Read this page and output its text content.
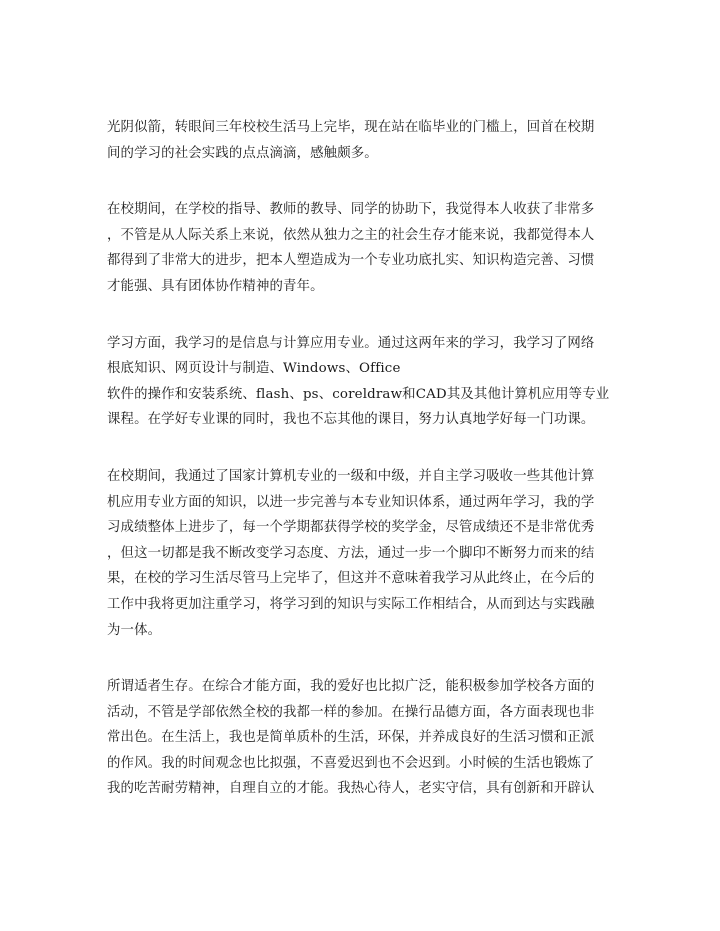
光阴似箭，转眼间三年校校生活马上完毕，现在站在临毕业的门槛上，回首在校期
间的学习的社会实践的点点滴滴，感触颇多。

在校期间，在学校的指导、教师的教导、同学的协助下，我觉得本人收获了非常多
，不管是从人际关系上来说，依然从独力之主的社会生存才能来说，我都觉得本人
都得到了非常大的进步，把本人塑造成为一个专业功底扎实、知识构造完善、习惯
才能强、具有团体协作精神的青年。

学习方面，我学习的是信息与计算应用专业。通过这两年来的学习，我学习了网络
根底知识、网页设计与制造、Windows、Office
软件的操作和安装系统、flash、ps、coreldraw和CAD其及其他计算机应用等专业
课程。在学好专业课的同时，我也不忘其他的课目，努力认真地学好每一门功课。

在校期间，我通过了国家计算机专业的一级和中级，并自主学习吸收一些其他计算
机应用专业方面的知识，以进一步完善与本专业知识体系，通过两年学习，我的学
习成绩整体上进步了，每一个学期都获得学校的奖学金，尽管成绩还不是非常优秀
，但这一切都是我不断改变学习态度、方法，通过一步一个脚印不断努力而来的结
果，在校的学习生活尽管马上完毕了，但这并不意味着我学习从此终止，在今后的
工作中我将更加注重学习，将学习到的知识与实际工作相结合，从而到达与实践融
为一体。

所谓适者生存。在综合才能方面，我的爱好也比拟广泛，能积极参加学校各方面的
活动，不管是学部依然全校的我都一样的参加。在操行品德方面，各方面表现也非
常出色。在生活上，我也是简单质朴的生活，环保，并养成良好的生活习惯和正派
的作风。我的时间观念也比拟强，不喜爱迟到也不会迟到。小时候的生活也锻炼了
我的吃苦耐劳精神，自理自立的才能。我热心待人，老实守信，具有创新和开辟认
